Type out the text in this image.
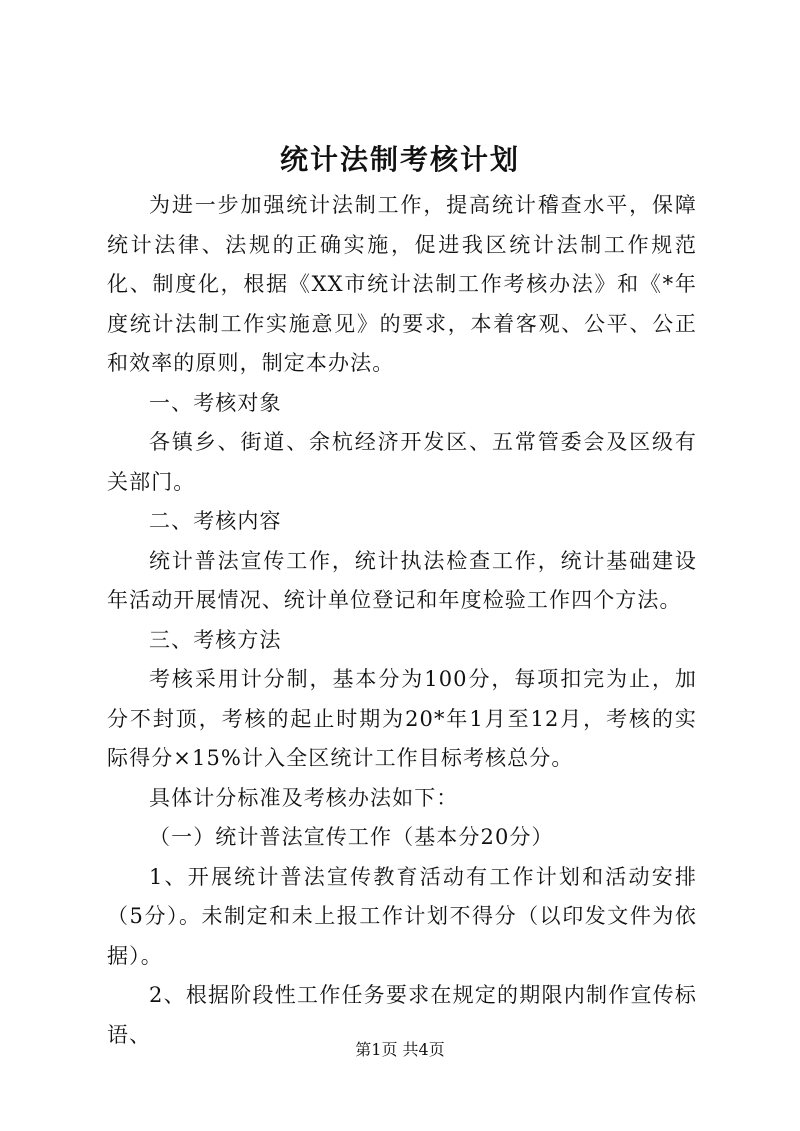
统计法制考核计划

为进一步加强统计法制工作，提高统计稽查水平，保障统计法律、法规的正确实施，促进我区统计法制工作规范化、制度化，根据《XX市统计法制工作考核办法》和《*年度统计法制工作实施意见》的要求，本着客观、公平、公正和效率的原则，制定本办法。

一、考核对象

各镇乡、街道、余杭经济开发区、五常管委会及区级有关部门。

二、考核内容

统计普法宣传工作，统计执法检查工作，统计基础建设年活动开展情况、统计单位登记和年度检验工作四个方法。

三、考核方法

考核采用计分制，基本分为100分，每项扣完为止，加分不封顶，考核的起止时期为20*年1月至12月，考核的实际得分×15%计入全区统计工作目标考核总分。

具体计分标准及考核办法如下：

（一）统计普法宣传工作（基本分20分）

1、开展统计普法宣传教育活动有工作计划和活动安排（5分）。未制定和未上报工作计划不得分（以印发文件为依据）。

2、根据阶段性工作任务要求在规定的期限内制作宣传标语、

第1页 共4页
